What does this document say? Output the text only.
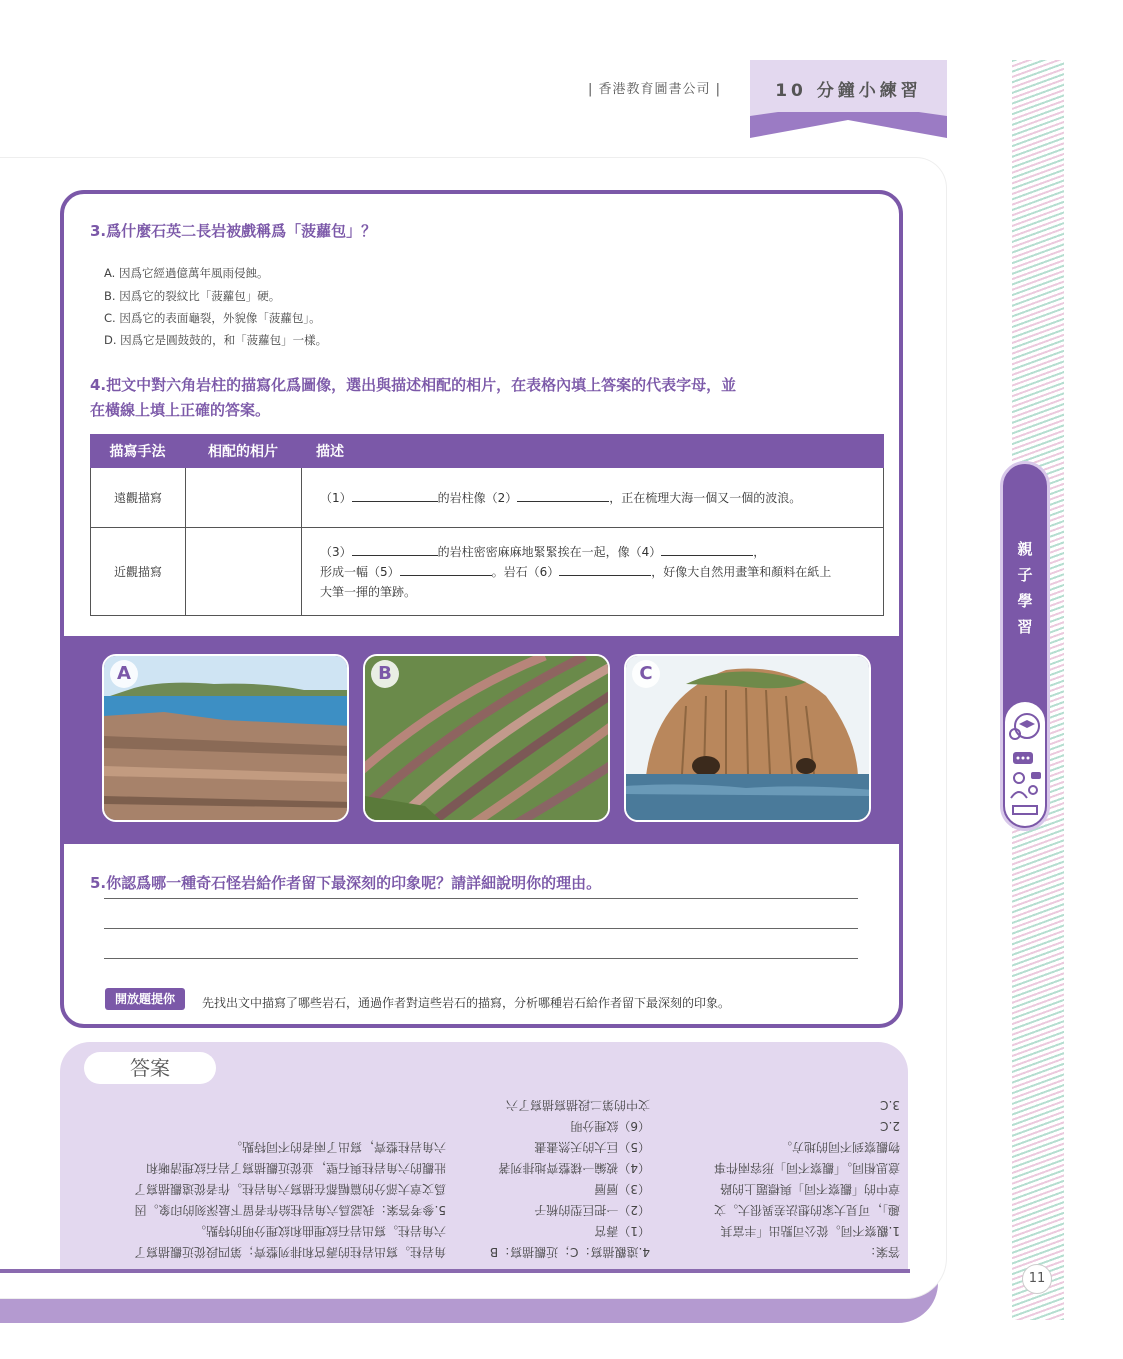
| 香港教育圖書公司 |	10 分鐘小練習
3.爲什麼石英二長岩被戲稱爲「菠蘿包」？
A. 因爲它經過億萬年風雨侵蝕。
B. 因爲它的裂紋比「菠蘿包」硬。
C. 因爲它的表面龜裂，外貌像「菠蘿包」。
D. 因爲它是圓鼓鼓的，和「菠蘿包」一樣。
4.把文中對六角岩柱的描寫化爲圖像，選出與描述相配的相片，在表格內填上答案的代表字母，並
在橫線上填上正確的答案。
描寫手法	相配的相片	描述
遠觀描寫		（1） 的岩柱像（2） ，正在梳理大海一個又一個的波浪。
近觀描寫		（3） 的岩柱密密麻麻地緊緊挨在一起，像（4） ，
形成一幅（5） 。岩石（6） ，好像大自然用畫筆和顏料在紙上
大筆一揮的筆跡。
A	B	C
5.你認爲哪一種奇石怪岩給作者留下最深刻的印象呢？請詳細說明你的理由。
開放題提你	先找出文中描寫了哪些岩石，通過作者對這些岩石的描寫，分析哪種岩石給作者留下最深刻的印象。
答案
答案：
1.觀察不同。從公司點出「丰富其
趣」，可見大家的想法差異很大。文
章中的「觀察不同」與標題上的路
意思相同。「觀察不同」形容兩件事
物觀察到不同的地方。
2.C
3.C
4.遠觀描寫：C；近觀描寫：B
（1）壽宮
（2）一把巨型的梳子
（3）層層
（4）被編一樣整齊地排列著
（5）巨大的天然畫畫
（6）紋理分明
文中的第二段描寫描寫了六
角岩柱。寫出岩柱的壽宮和排列整齊；第四段從近觀描寫了
六角岩柱。寫出岩石紋理曲和紋理分明的特點。
5.參考答案：我認爲六角岩柱給作者留下最深刻的印象。因
爲文章大部分的篇幅都在描寫六角岩柱。作者從遠觀描寫了
壯觀的六角岩柱與石壁，並從近觀描寫了岩石紋理清晰和
六角岩柱整齊，寫出了兩者的不同特點。
親
子
學
習
11
